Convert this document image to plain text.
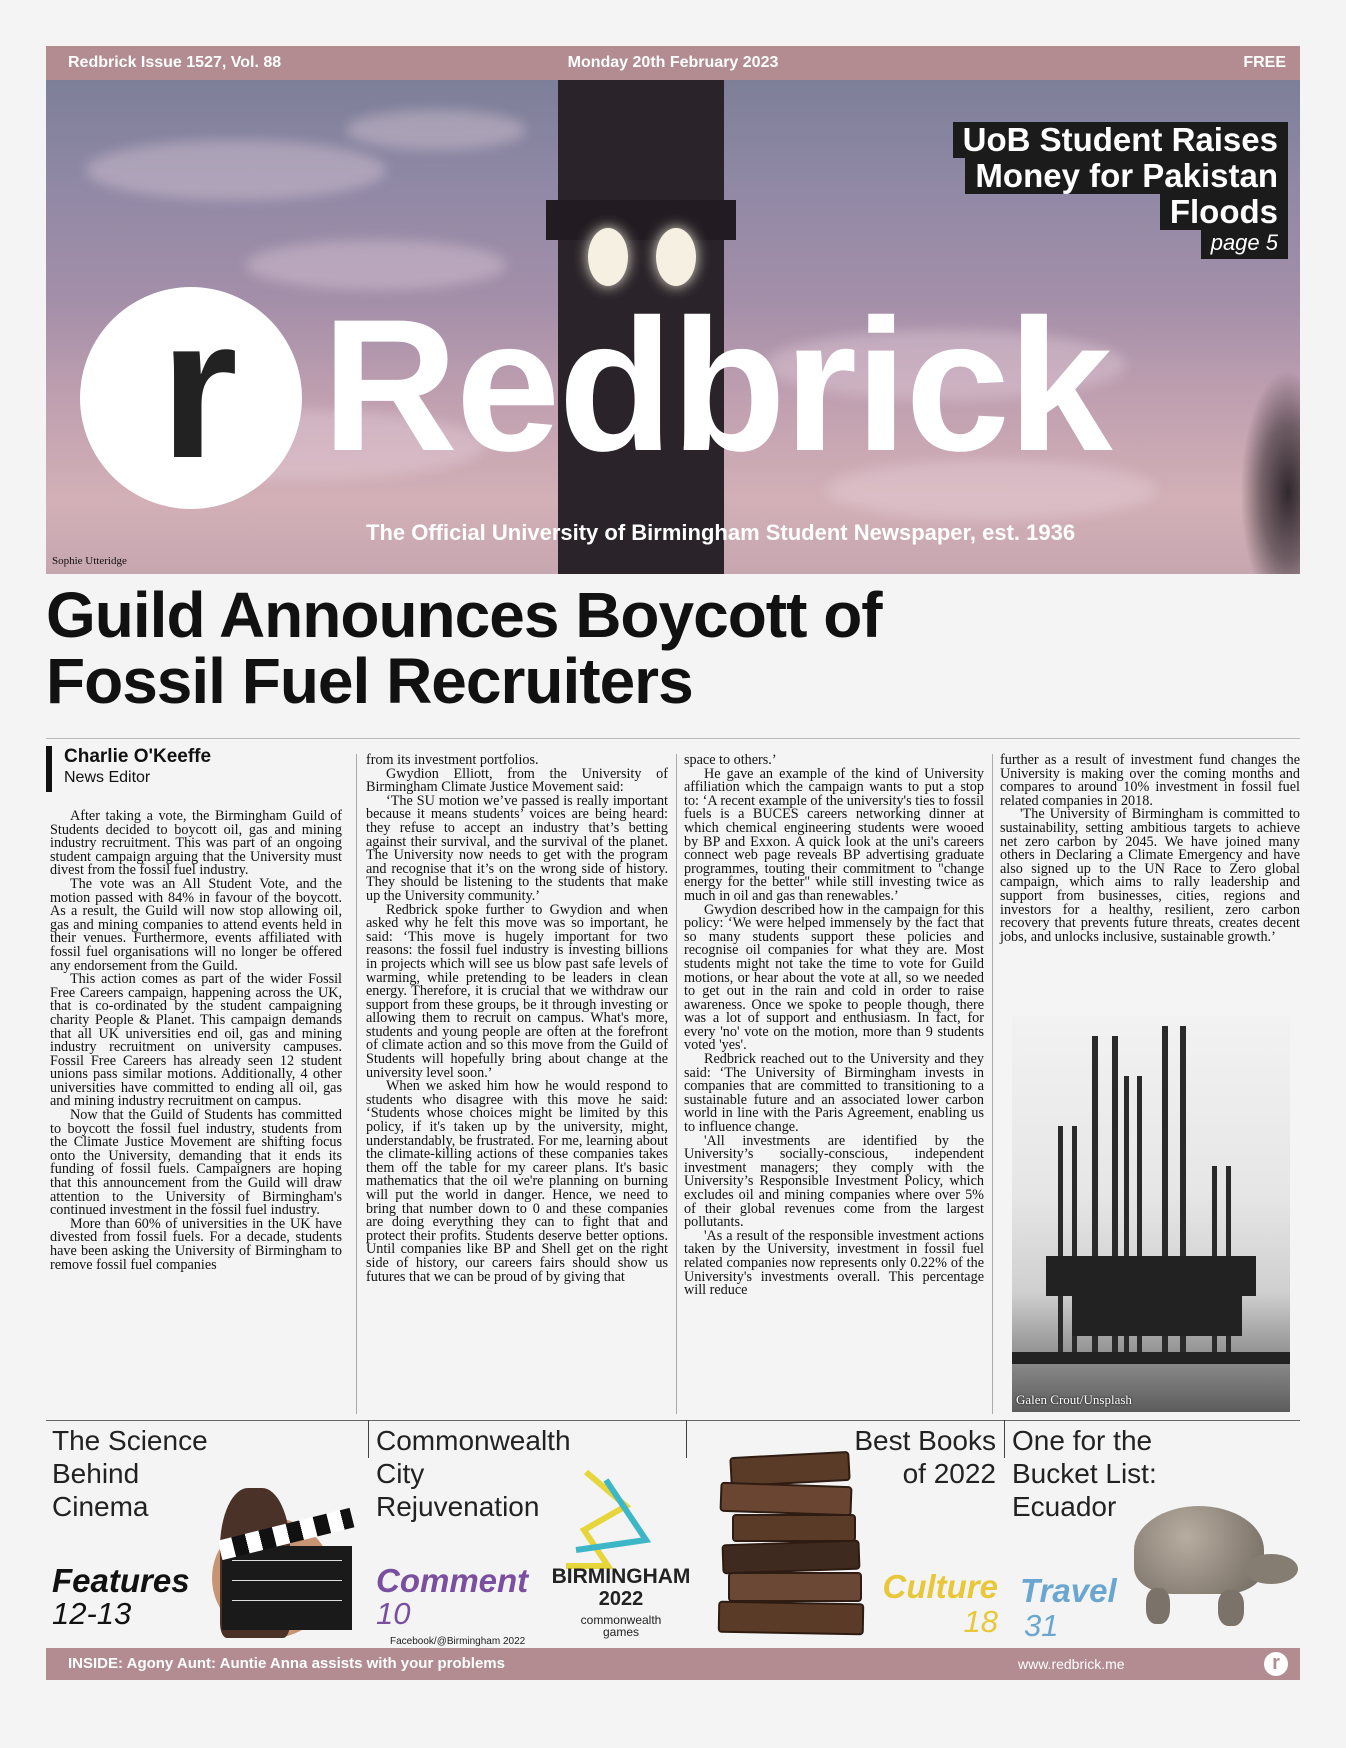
Redbrick Issue 1527, Vol. 88	Monday 20th February 2023	FREE
UoB Student Raises
Money for Pakistan
Floods
page 5
r Redbrick
The Official University of Birmingham Student Newspaper, est. 1936
Sophie Utteridge
Guild Announces Boycott of
Fossil Fuel Recruiters
Charlie O'Keeffe
News Editor

After taking a vote, the Birmingham Guild of Students decided to boycott oil, gas and mining industry recruitment. This was part of an ongoing student campaign arguing that the University must divest from the fossil fuel industry.

The vote was an All Student Vote, and the motion passed with 84% in favour of the boycott. As a result, the Guild will now stop allowing oil, gas and mining companies to attend events held in their venues. Furthermore, events affiliated with fossil fuel organisations will no longer be offered any endorsement from the Guild.

This action comes as part of the wider Fossil Free Careers campaign, happening across the UK, that is co-ordinated by the student campaigning charity People & Planet. This campaign demands that all UK universities end oil, gas and mining industry recruitment on university campuses. Fossil Free Careers has already seen 12 student unions pass similar motions. Additionally, 4 other universities have committed to ending all oil, gas and mining industry recruitment on campus.

Now that the Guild of Students has committed to boycott the fossil fuel industry, students from the Climate Justice Movement are shifting focus onto the University, demanding that it ends its funding of fossil fuels. Campaigners are hoping that this announcement from the Guild will draw attention to the University of Birmingham's continued investment in the fossil fuel industry.

More than 60% of universities in the UK have divested from fossil fuels. For a decade, students have been asking the University of Birmingham to remove fossil fuel companies

from its investment portfolios.

Gwydion Elliott, from the University of Birmingham Climate Justice Movement said:

‘The SU motion we’ve passed is really important because it means students’ voices are being heard: they refuse to accept an industry that’s betting against their survival, and the survival of the planet. The University now needs to get with the program and recognise that it’s on the wrong side of history. They should be listening to the students that make up the University community.’

Redbrick spoke further to Gwydion and when asked why he felt this move was so important, he said: ‘This move is hugely important for two reasons: the fossil fuel industry is investing billions in projects which will see us blow past safe levels of warming, while pretending to be leaders in clean energy. Therefore, it is crucial that we withdraw our support from these groups, be it through investing or allowing them to recruit on campus. What's more, students and young people are often at the forefront of climate action and so this move from the Guild of Students will hopefully bring about change at the university level soon.’

When we asked him how he would respond to students who disagree with this move he said: ‘Students whose choices might be limited by this policy, if it's taken up by the university, might, understandably, be frustrated. For me, learning about the climate-killing actions of these companies takes them off the table for my career plans. It's basic mathematics that the oil we're planning on burning will put the world in danger. Hence, we need to bring that number down to 0 and these companies are doing everything they can to fight that and protect their profits. Students deserve better options. Until companies like BP and Shell get on the right side of history, our careers fairs should show us futures that we can be proud of by giving that

space to others.’

He gave an example of the kind of University affiliation which the campaign wants to put a stop to: ‘A recent example of the university's ties to fossil fuels is a BUCES careers networking dinner at which chemical engineering students were wooed by BP and Exxon. A quick look at the uni's careers connect web page reveals BP advertising graduate programmes, touting their commitment to "change energy for the better" while still investing twice as much in oil and gas than renewables.’

Gwydion described how in the campaign for this policy: ‘We were helped immensely by the fact that so many students support these policies and recognise oil companies for what they are. Most students might not take the time to vote for Guild motions, or hear about the vote at all, so we needed to get out in the rain and cold in order to raise awareness. Once we spoke to people though, there was a lot of support and enthusiasm. In fact, for every 'no' vote on the motion, more than 9 students voted 'yes'.

Redbrick reached out to the University and they said: ‘The University of Birmingham invests in companies that are committed to transitioning to a sustainable future and an associated lower carbon world in line with the Paris Agreement, enabling us to influence change.

'All investments are identified by the University’s socially-conscious, independent investment managers; they comply with the University’s Responsible Investment Policy, which excludes oil and mining companies where over 5% of their global revenues come from the largest pollutants.

'As a result of the responsible investment actions taken by the University, investment in fossil fuel related companies now represents only 0.22% of the University's investments overall. This percentage will reduce

further as a result of investment fund changes the University is making over the coming months and compares to around 10% investment in fossil fuel related companies in 2018.

'The University of Birmingham is committed to sustainability, setting ambitious targets to achieve net zero carbon by 2045. We have joined many others in Declaring a Climate Emergency and have also signed up to the UN Race to Zero global campaign, which aims to rally leadership and support from businesses, cities, regions and investors for a healthy, resilient, zero carbon recovery that prevents future threats, creates decent jobs, and unlocks inclusive, sustainable growth.’

Galen Crout/Unsplash
The Science
Behind
Cinema
Features
12-13
Commonwealth
City
Rejuvenation
Comment
10
BIRMINGHAM
2022
commonwealth
games
Facebook/@Birmingham 2022
Best Books
of 2022
Culture
18
One for the
Bucket List:
Ecuador
Travel
31
INSIDE: Agony Aunt: Auntie Anna assists with your problems	www.redbrick.me	r
